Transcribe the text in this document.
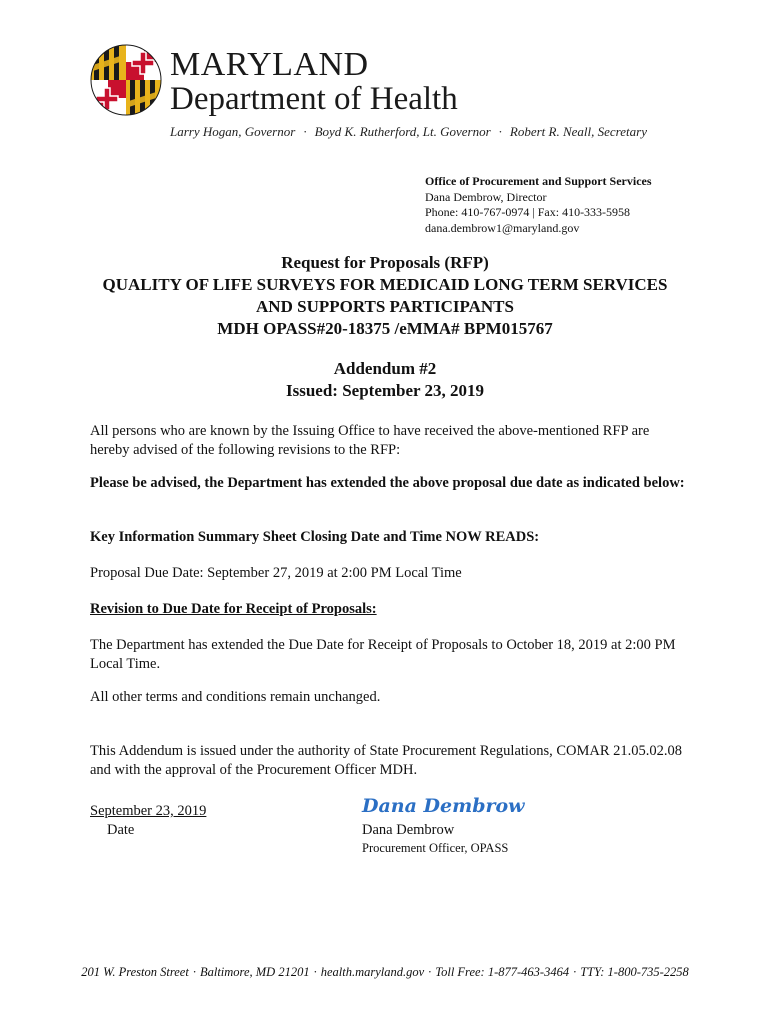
MARYLAND
Department of Health
Larry Hogan, Governor · Boyd K. Rutherford, Lt. Governor · Robert R. Neall, Secretary
Office of Procurement and Support Services
Dana Dembrow, Director
Phone: 410-767-0974 | Fax: 410-333-5958
dana.dembrow1@maryland.gov
Request for Proposals (RFP)
QUALITY OF LIFE SURVEYS FOR MEDICAID LONG TERM SERVICES
AND SUPPORTS PARTICIPANTS
MDH OPASS#20-18375 /eMMA# BPM015767
Addendum #2
Issued: September 23, 2019
All persons who are known by the Issuing Office to have received the above-mentioned RFP are hereby advised of the following revisions to the RFP:
Please be advised, the Department has extended the above proposal due date as indicated below:
Key Information Summary Sheet Closing Date and Time NOW READS:
Proposal Due Date: September 27, 2019 at 2:00 PM Local Time
Revision to Due Date for Receipt of Proposals:
The Department has extended the Due Date for Receipt of Proposals to October 18, 2019 at 2:00 PM Local Time.
All other terms and conditions remain unchanged.
This Addendum is issued under the authority of State Procurement Regulations, COMAR 21.05.02.08 and with the approval of the Procurement Officer MDH.
September 23, 2019
Date
Dana Dembrow
Dana Dembrow
Procurement Officer, OPASS
201 W. Preston Street · Baltimore, MD 21201 · health.maryland.gov · Toll Free: 1-877-463-3464 · TTY: 1-800-735-2258
